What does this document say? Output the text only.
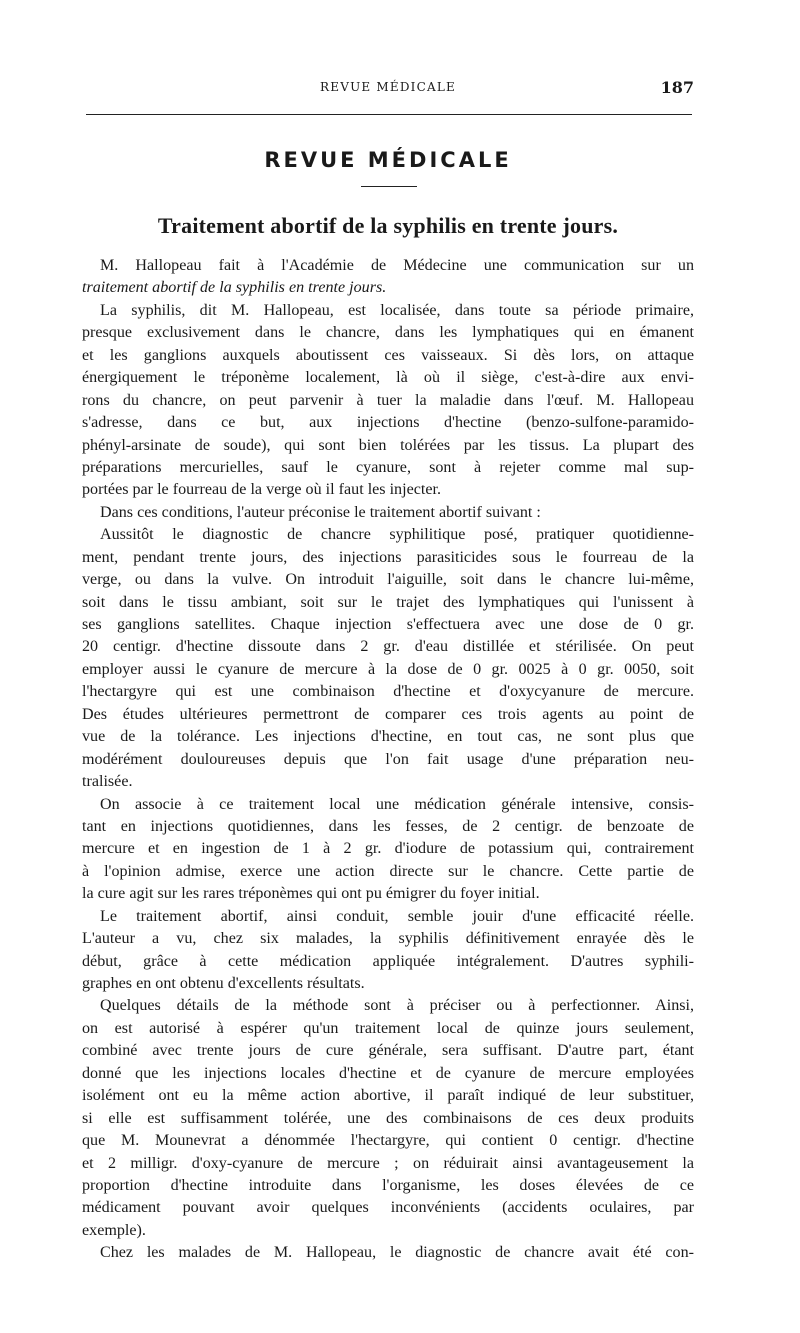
REVUE MÉDICALE	187
REVUE MÉDICALE
Traitement abortif de la syphilis en trente jours.
M. Hallopeau fait à l'Académie de Médecine une communication sur un
traitement abortif de la syphilis en trente jours.
La syphilis, dit M. Hallopeau, est localisée, dans toute sa période primaire,
presque exclusivement dans le chancre, dans les lymphatiques qui en émanent
et les ganglions auxquels aboutissent ces vaisseaux. Si dès lors, on attaque
énergiquement le tréponème localement, là où il siège, c'est-à-dire aux envi-
rons du chancre, on peut parvenir à tuer la maladie dans l'œuf. M. Hallopeau
s'adresse, dans ce but, aux injections d'hectine (benzo-sulfone-paramido-
phényl-arsinate de soude), qui sont bien tolérées par les tissus. La plupart des
préparations mercurielles, sauf le cyanure, sont à rejeter comme mal sup-
portées par le fourreau de la verge où il faut les injecter.
Dans ces conditions, l'auteur préconise le traitement abortif suivant :
Aussitôt le diagnostic de chancre syphilitique posé, pratiquer quotidienne-
ment, pendant trente jours, des injections parasiticides sous le fourreau de la
verge, ou dans la vulve. On introduit l'aiguille, soit dans le chancre lui-même,
soit dans le tissu ambiant, soit sur le trajet des lymphatiques qui l'unissent à
ses ganglions satellites. Chaque injection s'effectuera avec une dose de 0 gr.
20 centigr. d'hectine dissoute dans 2 gr. d'eau distillée et stérilisée. On peut
employer aussi le cyanure de mercure à la dose de 0 gr. 0025 à 0 gr. 0050, soit
l'hectargyre qui est une combinaison d'hectine et d'oxycyanure de mercure.
Des études ultérieures permettront de comparer ces trois agents au point de
vue de la tolérance. Les injections d'hectine, en tout cas, ne sont plus que
modérément douloureuses depuis que l'on fait usage d'une préparation neu-
tralisée.
On associe à ce traitement local une médication générale intensive, consis-
tant en injections quotidiennes, dans les fesses, de 2 centigr. de benzoate de
mercure et en ingestion de 1 à 2 gr. d'iodure de potassium qui, contrairement
à l'opinion admise, exerce une action directe sur le chancre. Cette partie de
la cure agit sur les rares tréponèmes qui ont pu émigrer du foyer initial.
Le traitement abortif, ainsi conduit, semble jouir d'une efficacité réelle.
L'auteur a vu, chez six malades, la syphilis définitivement enrayée dès le
début, grâce à cette médication appliquée intégralement. D'autres syphili-
graphes en ont obtenu d'excellents résultats.
Quelques détails de la méthode sont à préciser ou à perfectionner. Ainsi,
on est autorisé à espérer qu'un traitement local de quinze jours seulement,
combiné avec trente jours de cure générale, sera suffisant. D'autre part, étant
donné que les injections locales d'hectine et de cyanure de mercure employées
isolément ont eu la même action abortive, il paraît indiqué de leur substituer,
si elle est suffisamment tolérée, une des combinaisons de ces deux produits
que M. Mounevrat a dénommée l'hectargyre, qui contient 0 centigr. d'hectine
et 2 milligr. d'oxy-cyanure de mercure ; on réduirait ainsi avantageusement la
proportion d'hectine introduite dans l'organisme, les doses élevées de ce
médicament pouvant avoir quelques inconvénients (accidents oculaires, par
exemple).
Chez les malades de M. Hallopeau, le diagnostic de chancre avait été con-
